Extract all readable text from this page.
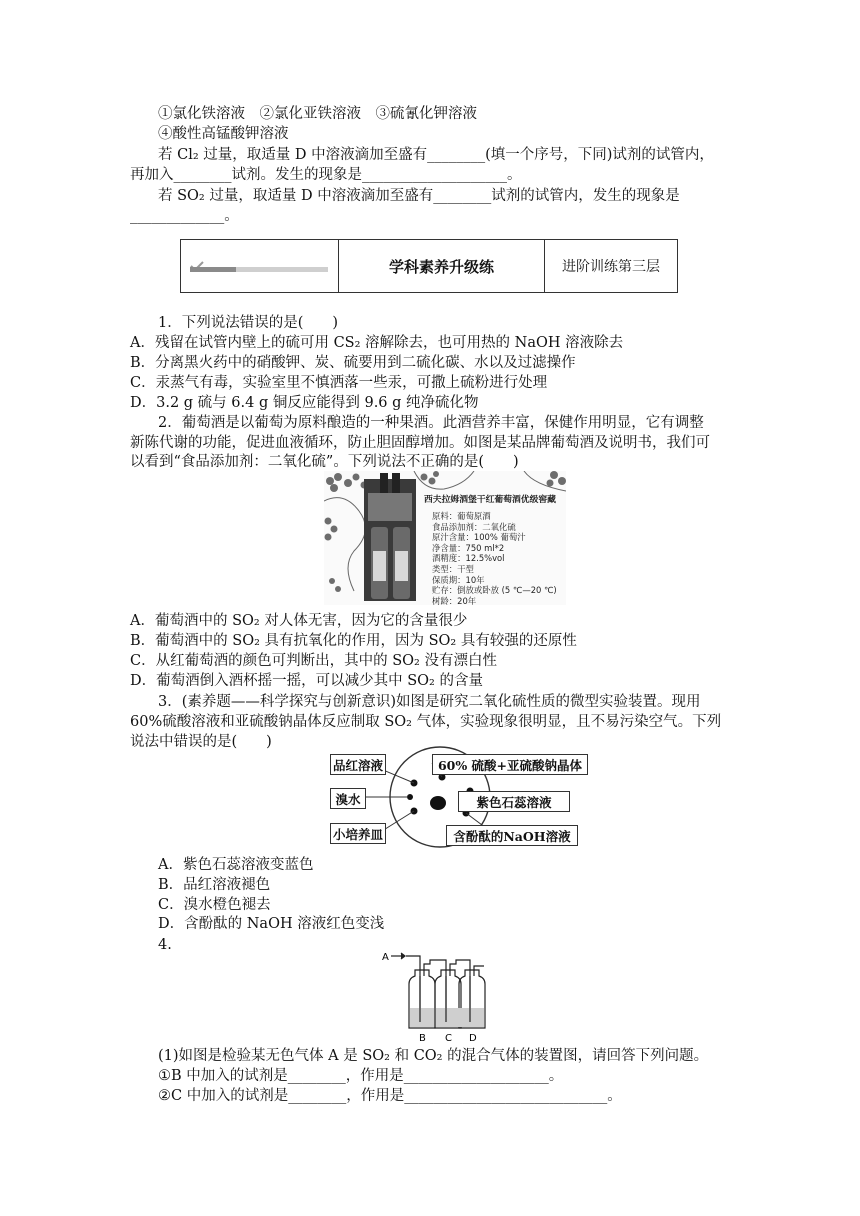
①氯化铁溶液　②氯化亚铁溶液　③硫氰化钾溶液
④酸性高锰酸钾溶液
若 Cl₂ 过量，取适量 D 中溶液滴加至盛有________(填一个序号，下同)试剂的试管内，
再加入________试剂。发生的现象是____________________。
若 SO₂ 过量，取适量 D 中溶液滴加至盛有________试剂的试管内，发生的现象是
_____________。
学科素养升级练	进阶训练第三层
1．下列说法错误的是(　　)
A．残留在试管内壁上的硫可用 CS₂ 溶解除去，也可用热的 NaOH 溶液除去
B．分离黑火药中的硝酸钾、炭、硫要用到二硫化碳、水以及过滤操作
C．汞蒸气有毒，实验室里不慎洒落一些汞，可撒上硫粉进行处理
D．3.2 g 硫与 6.4 g 铜反应能得到 9.6 g 纯净硫化物
2．葡萄酒是以葡萄为原料酿造的一种果酒。此酒营养丰富，保健作用明显，它有调整
新陈代谢的功能，促进血液循环，防止胆固醇增加。如图是某品牌葡萄酒及说明书，我们可
以看到“食品添加剂：二氧化硫”。下列说法不正确的是(　　)
西夫拉姆酒堡干红葡萄酒优级窖藏
原料：葡萄原酒
食品添加剂：二氧化硫
原汁含量：100% 葡萄汁
净含量：750 ml*2
酒精度：12.5%vol
类型：干型
保质期：10年
贮存：倒放或卧放 (5 ℃—20 ℃)
树龄：20年
A．葡萄酒中的 SO₂ 对人体无害，因为它的含量很少
B．葡萄酒中的 SO₂ 具有抗氧化的作用，因为 SO₂ 具有较强的还原性
C．从红葡萄酒的颜色可判断出，其中的 SO₂ 没有漂白性
D．葡萄酒倒入酒杯摇一摇，可以减少其中 SO₂ 的含量
3．(素养题——科学探究与创新意识)如图是研究二氧化硫性质的微型实验装置。现用
60%硫酸溶液和亚硫酸钠晶体反应制取 SO₂ 气体，实验现象很明显，且不易污染空气。下列
说法中错误的是(　　)
品红溶液	60% 硫酸+亚硫酸钠晶体
溴水	紫色石蕊溶液
小培养皿	含酚酞的NaOH溶液
A．紫色石蕊溶液变蓝色
B．品红溶液褪色
C．溴水橙色褪去
D．含酚酞的 NaOH 溶液红色变浅
4.
A
B C D
(1)如图是检验某无色气体 A 是 SO₂ 和 CO₂ 的混合气体的装置图，请回答下列问题。
①B 中加入的试剂是________，作用是____________________。
②C 中加入的试剂是________，作用是____________________________。
